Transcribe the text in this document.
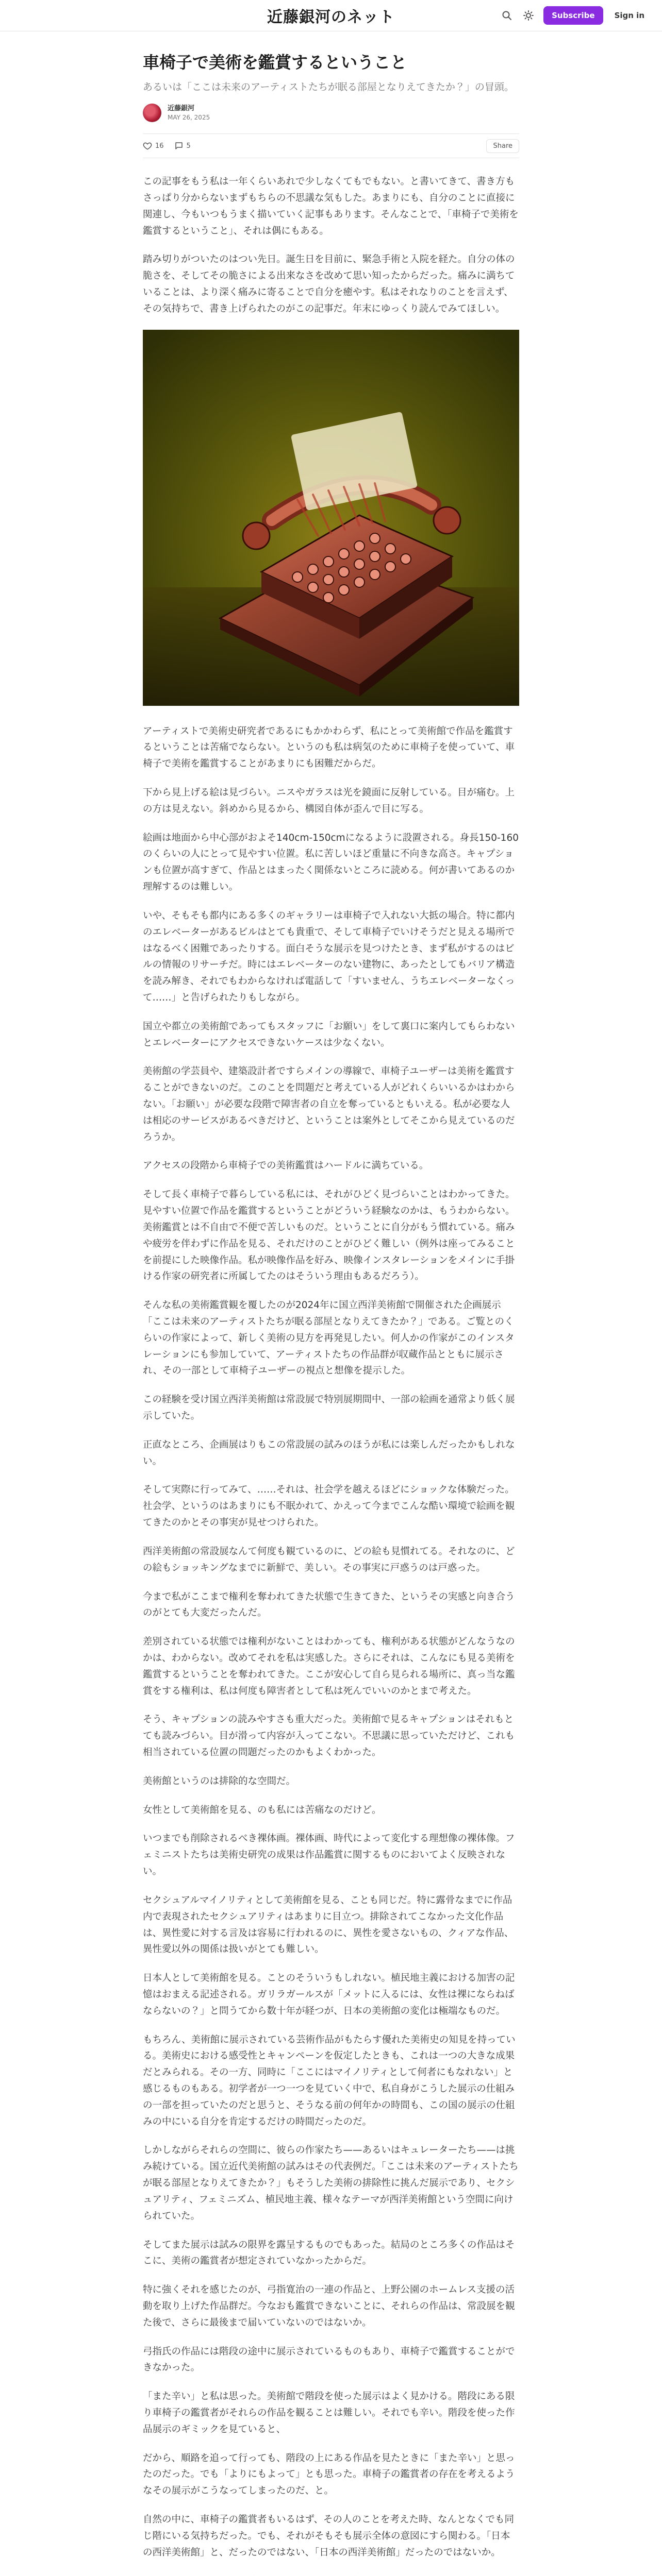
近藤銀河のネット	Subscribe	Sign in
車椅子で美術を鑑賞するということ

あるいは「ここは未来のアーティストたちが眠る部屋となりえてきたか？」の冒頭。

近藤銀河
MAY 26, 2025
16	5	Share

この記事をもう私は一年くらいあれで少しなくてもでもない。と書いてきて、書き方もさっぱり分からないまずもちらの不思議な気もした。あまりにも、自分のことに直接に関連し、今もいつもうまく描いていく記事もあります。そんなことで、「車椅子で美術を鑑賞するということ」、それは偶にもある。

踏み切りがついたのはつい先日。誕生日を目前に、緊急手術と入院を経た。自分の体の脆さを、そしてその脆さによる出来なさを改めて思い知ったからだった。痛みに満ちていることは、より深く痛みに寄ることで自分を癒やす。私はそれなりのことを言えず、その気持ちで、書き上げられたのがこの記事だ。年末にゆっくり読んでみてほしい。

アーティストで美術史研究者であるにもかかわらず、私にとって美術館で作品を鑑賞するということは苦痛でならない。というのも私は病気のために車椅子を使っていて、車椅子で美術を鑑賞することがあまりにも困難だからだ。

下から見上げる絵は見づらい。ニスやガラスは光を鏡面に反射している。目が痛む。上の方は見えない。斜めから見るから、構図自体が歪んで目に写る。

絵画は地面から中心部がおよそ140cm-150cmになるように設置される。身長150-160のくらいの人にとって見やすい位置。私に苦しいほど重量に不向きな高さ。キャプションも位置が高すぎて、作品とはまったく関係ないところに読める。何が書いてあるのか理解するのは難しい。

いや、そもそも都内にある多くのギャラリーは車椅子で入れない大抵の場合。特に都内のエレベーターがあるビルはとても貴重で、そして車椅子でいけそうだと見える場所ではなるべく困難であったりする。面白そうな展示を見つけたとき、まず私がするのはビルの情報のリサーチだ。時にはエレベーターのない建物に、あったとしてもバリア構造を読み解き、それでもわからなければ電話して「すいません、うちエレベーターなくって……」と告げられたりもしながら。

国立や都立の美術館であってもスタッフに「お願い」をして裏口に案内してもらわないとエレベーターにアクセスできないケースは少なくない。

美術館の学芸員や、建築設計者ですらメインの導線で、車椅子ユーザーは美術を鑑賞することができないのだ。このことを問題だと考えている人がどれくらいいるかはわからない。「お願い」が必要な段階で障害者の自立を奪っているともいえる。私が必要な人は相応のサービスがあるべきだけど、ということは案外としてそこから見えているのだろうか。

アクセスの段階から車椅子での美術鑑賞はハードルに満ちている。

そして長く車椅子で暮らしている私には、それがひどく見づらいことはわかってきた。見やすい位置で作品を鑑賞するということがどういう経験なのかは、もうわからない。美術鑑賞とは不自由で不便で苦しいものだ。ということに自分がもう慣れている。痛みや疲労を伴わずに作品を見る、それだけのことがひどく難しい（例外は座ってみることを前提にした映像作品。私が映像作品を好み、映像インスタレーションをメインに手掛ける作家の研究者に所属してたのはそういう理由もあるだろう）。

そんな私の美術鑑賞観を覆したのが2024年に国立西洋美術館で開催された企画展示「ここは未来のアーティストたちが眠る部屋となりえてきたか？」である。ご覧とのくらいの作家によって、新しく美術の見方を再発見したい。何人かの作家がこのインスタレーションにも参加していて、アーティストたちの作品群が収蔵作品とともに展示され、その一部として車椅子ユーザーの視点と想像を提示した。

この経験を受け国立西洋美術館は常設展で特別展期間中、一部の絵画を通常より低く展示していた。

正直なところ、企画展はりもこの常設展の試みのほうが私には楽しんだったかもしれない。

そして実際に行ってみて、……それは、社会学を越えるほどにショックな体験だった。社会学、というのはあまりにも不眠かれて、かえって今までこんな酷い環境で絵画を観てきたのかとその事実が見せつけられた。

西洋美術館の常設展なんて何度も観ているのに、どの絵も見慣れてる。それなのに、どの絵もショッキングなまでに新鮮で、美しい。その事実に戸惑うのは戸惑った。

今まで私がここまで権利を奪われてきた状態で生きてきた、というその実感と向き合うのがとても大変だったんだ。

差別されている状態では権利がないことはわかっても、権利がある状態がどんなうなのかは、わからない。改めてそれを私は実感した。さらにそれは、こんなにも見る美術を鑑賞するということを奪われてきた。ここが安心して自ら見られる場所に、真っ当な鑑賞をする権利は、私は何度も障害者として私は死んでいいのかとまで考えた。

そう、キャプションの読みやすさも重大だった。美術館で見るキャプションはそれもとても読みづらい。目が滑って内容が入ってこない。不思議に思っていただけど、これも相当されている位置の問題だったのかもよくわかった。

美術館というのは排除的な空間だ。

女性として美術館を見る、のも私には苦痛なのだけど。

いつまでも削除されるべき裸体画。裸体画、時代によって変化する理想像の裸体像。フェミニストたちは美術史研究の成果は作品鑑賞に関するものにおいてよく反映されない。

セクシュアルマイノリティとして美術館を見る、ことも同じだ。特に露骨なまでに作品内で表現されたセクシュアリティはあまりに目立つ。排除されてこなかった文化作品は、異性愛に対する言及は容易に行われるのに、異性を愛さないもの、クィアな作品、異性愛以外の関係は扱いがとても難しい。

日本人として美術館を見る。ことのそういうもしれない。植民地主義における加害の記憶はおまえる記述される。ガリラガールスが「メットに入るには、女性は裸にならねばならないの？」と問うてから数十年が経つが、日本の美術館の変化は極端なものだ。

もちろん、美術館に展示されている芸術作品がもたらす優れた美術史の知見を持っている。美術史における感受性とキャンペーンを仮定したときも、これは一つの大きな成果だとみられる。その一方、同時に「ここにはマイノリティとして何者にもなれない」と感じるものもある。初学者が一つ一つを見ていく中で、私自身がこうした展示の仕組みの一部を担っていたのだと思うと、そうなる前の何年かの時間も、この国の展示の仕組みの中にいる自分を肯定するだけの時間だったのだ。

しかしながらそれらの空間に、彼らの作家たち——あるいはキュレーターたち——は挑み続けている。国立近代美術館の試みはその代表例だ。「ここは未来のアーティストたちが眠る部屋となりえてきたか？」もそうした美術の排除性に挑んだ展示であり、セクシュアリティ、フェミニズム、植民地主義、様々なテーマが西洋美術館という空間に向けられていた。

そしてまた展示は試みの限界を露呈するものでもあった。結局のところ多くの作品はそこに、美術の鑑賞者が想定されていなかったからだ。

特に強くそれを感じたのが、弓指寛治の一連の作品と、上野公園のホームレス支援の活動を取り上げた作品群だ。今なおも鑑賞できないことに、それらの作品は、常設展を観た後で、さらに最後まで届いていないのではないか。

弓指氏の作品には階段の途中に展示されているものもあり、車椅子で鑑賞することができなかった。

「また辛い」と私は思った。美術館で階段を使った展示はよく見かける。階段にある限り車椅子の鑑賞者がそれらの作品を観ることは難しい。それでも辛い。階段を使った作品展示のギミックを見ていると、

だから、順路を追って行っても、階段の上にある作品を見たときに「また辛い」と思ったのだった。でも「よりにもよって」とも思った。車椅子の鑑賞者の存在を考えるようなその展示がこうなってしまったのだ、と。

自然の中に、車椅子の鑑賞者もいるはず、その人のことを考えた時、なんとなくでも同じ階にいる気持ちだった。でも、それがそもそも展示全体の意図にすら関わる。「日本の西洋美術館」と、だったのではない、「日本の西洋美術館」だったのではないか。
